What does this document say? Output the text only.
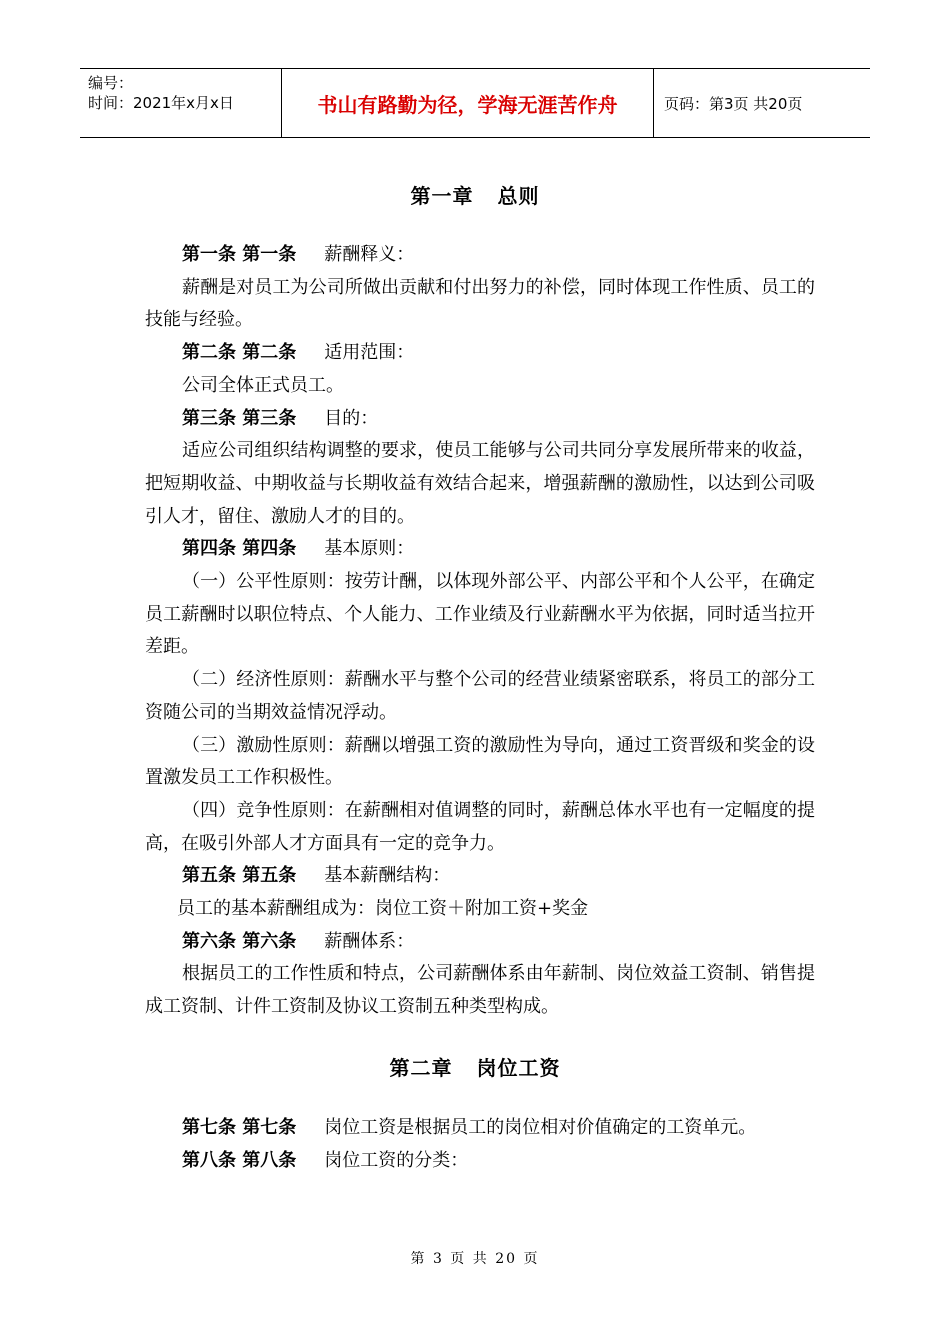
编号：
时间：2021年x月x日	书山有路勤为径，学海无涯苦作舟	页码：第3页 共20页
第一章 总则

第一条 第一条 薪酬释义：

薪酬是对员工为公司所做出贡献和付出努力的补偿，同时体现工作性质、员工的技能与经验。

第二条 第二条 适用范围：

公司全体正式员工。

第三条 第三条 目的：

适应公司组织结构调整的要求，使员工能够与公司共同分享发展所带来的收益，把短期收益、中期收益与长期收益有效结合起来，增强薪酬的激励性，以达到公司吸引人才，留住、激励人才的目的。

第四条 第四条 基本原则：

（一）公平性原则：按劳计酬，以体现外部公平、内部公平和个人公平，在确定员工薪酬时以职位特点、个人能力、工作业绩及行业薪酬水平为依据，同时适当拉开差距。

（二）经济性原则：薪酬水平与整个公司的经营业绩紧密联系，将员工的部分工资随公司的当期效益情况浮动。

（三）激励性原则：薪酬以增强工资的激励性为导向，通过工资晋级和奖金的设置激发员工工作积极性。

（四）竞争性原则：在薪酬相对值调整的同时，薪酬总体水平也有一定幅度的提高，在吸引外部人才方面具有一定的竞争力。

第五条 第五条 基本薪酬结构：

员工的基本薪酬组成为：岗位工资＋附加工资+奖金

第六条 第六条 薪酬体系：

根据员工的工作性质和特点，公司薪酬体系由年薪制、岗位效益工资制、销售提成工资制、计件工资制及协议工资制五种类型构成。

第二章 岗位工资

第七条 第七条 岗位工资是根据员工的岗位相对价值确定的工资单元。

第八条 第八条 岗位工资的分类：

第 3 页 共 20 页
